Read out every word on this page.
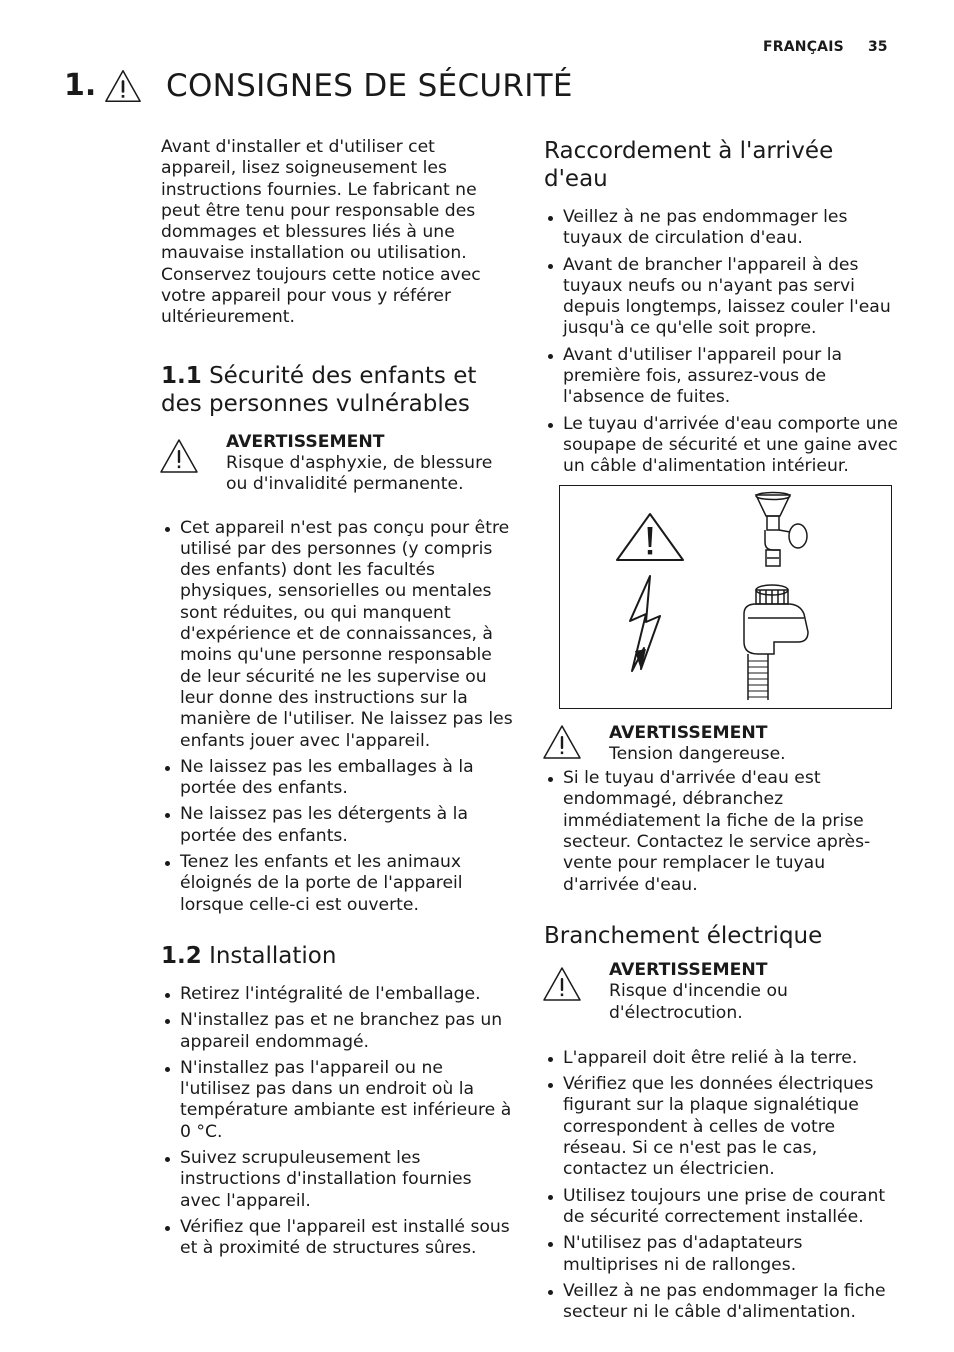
FRANÇAIS 35
1. CONSIGNES DE SÉCURITÉ

Avant d'installer et d'utiliser cet appareil, lisez soigneusement les instructions fournies. Le fabricant ne peut être tenu pour responsable des dommages et blessures liés à une mauvaise installation ou utilisation. Conservez toujours cette notice avec votre appareil pour vous y référer ultérieurement.

1.1 Sécurité des enfants et des personnes vulnérables
AVERTISSEMENT
Risque d'asphyxie, de blessure ou d'invalidité permanente.
Cet appareil n'est pas conçu pour être utilisé par des personnes (y compris des enfants) dont les facultés physiques, sensorielles ou mentales sont réduites, ou qui manquent d'expérience et de connaissances, à moins qu'une personne responsable de leur sécurité ne les supervise ou leur donne des instructions sur la manière de l'utiliser. Ne laissez pas les enfants jouer avec l'appareil.
Ne laissez pas les emballages à la portée des enfants.
Ne laissez pas les détergents à la portée des enfants.
Tenez les enfants et les animaux éloignés de la porte de l'appareil lorsque celle-ci est ouverte.
1.2 Installation
Retirez l'intégralité de l'emballage.
N'installez pas et ne branchez pas un appareil endommagé.
N'installez pas l'appareil ou ne l'utilisez pas dans un endroit où la température ambiante est inférieure à 0 °C.
Suivez scrupuleusement les instructions d'installation fournies avec l'appareil.
Vérifiez que l'appareil est installé sous et à proximité de structures sûres.
Raccordement à l'arrivée d'eau
Veillez à ne pas endommager les tuyaux de circulation d'eau.
Avant de brancher l'appareil à des tuyaux neufs ou n'ayant pas servi depuis longtemps, laissez couler l'eau jusqu'à ce qu'elle soit propre.
Avant d'utiliser l'appareil pour la première fois, assurez-vous de l'absence de fuites.
Le tuyau d'arrivée d'eau comporte une soupape de sécurité et une gaine avec un câble d'alimentation intérieur.
AVERTISSEMENT
Tension dangereuse.
Si le tuyau d'arrivée d'eau est endommagé, débranchez immédiatement la fiche de la prise secteur. Contactez le service après-vente pour remplacer le tuyau d'arrivée d'eau.
Branchement électrique
AVERTISSEMENT
Risque d'incendie ou d'électrocution.
L'appareil doit être relié à la terre.
Vérifiez que les données électriques figurant sur la plaque signalétique correspondent à celles de votre réseau. Si ce n'est pas le cas, contactez un électricien.
Utilisez toujours une prise de courant de sécurité correctement installée.
N'utilisez pas d'adaptateurs multiprises ni de rallonges.
Veillez à ne pas endommager la fiche secteur ni le câble d'alimentation.
